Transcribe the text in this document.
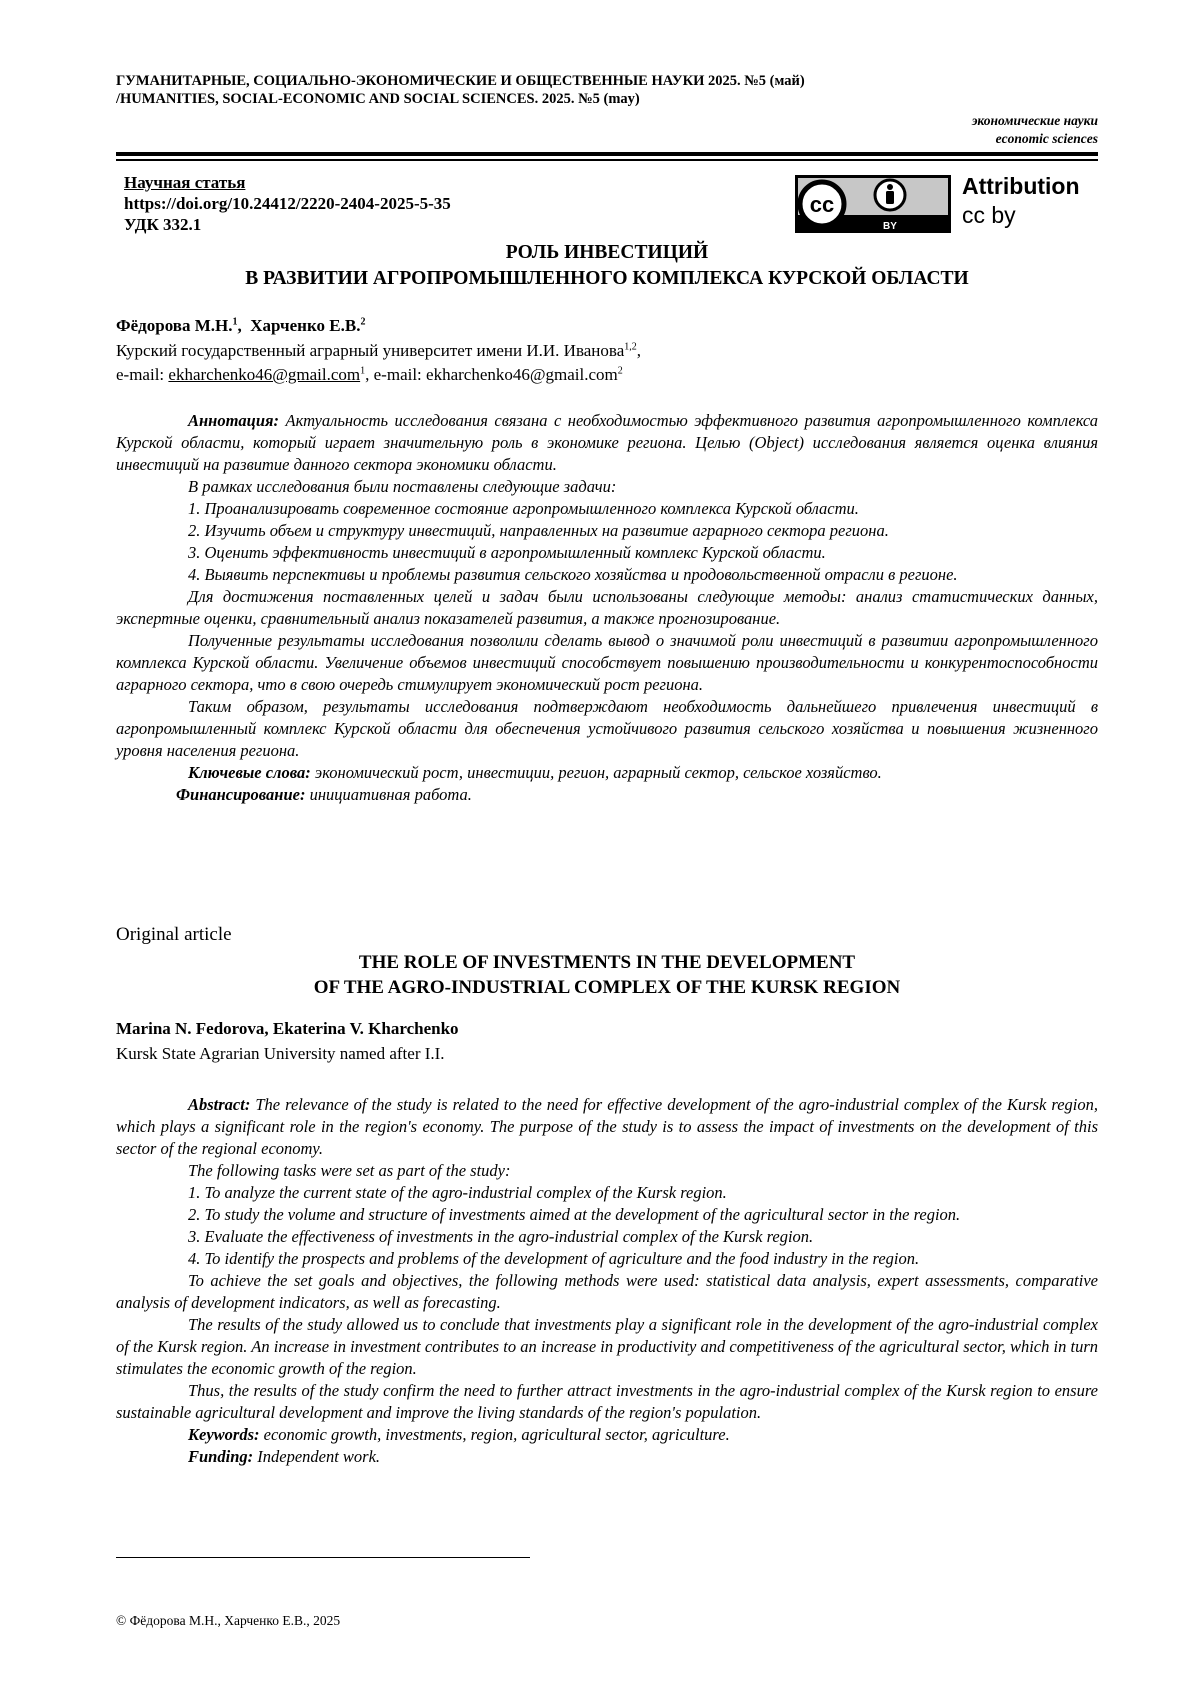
ГУМАНИТАРНЫЕ, СОЦИАЛЬНО-ЭКОНОМИЧЕСКИЕ И ОБЩЕСТВЕННЫЕ НАУКИ 2025. №5 (май)
/HUMANITIES, SOCIAL-ECONOMIC AND SOCIAL SCIENCES. 2025. №5 (may)
экономические науки
economic sciences
Научная статья
https://doi.org/10.24412/2220-2404-2025-5-35
УДК 332.1
cc
BY
Attribution
cc by
РОЛЬ ИНВЕСТИЦИЙ
В РАЗВИТИИ АГРОПРОМЫШЛЕННОГО КОМПЛЕКСА КУРСКОЙ ОБЛАСТИ
Фёдорова М.Н.$^1$,  Харченко Е.В.$^2$
Курский государственный аграрный университет имени И.И. Иванова$^{1,2}$,
e-mail: ekharchenko46@gmail.com$^1$, e-mail: ekharchenko46@gmail.com$^2$

Аннотация: Актуальность исследования связана с необходимостью эффективного развития агропромышленного комплекса Курской области, который играет значительную роль в экономике региона. Целью (Object) исследования является оценка влияния инвестиций на развитие данного сектора экономики области.

В рамках исследования были поставлены следующие задачи:

1. Проанализировать современное состояние агропромышленного комплекса Курской области.

2. Изучить объем и структуру инвестиций, направленных на развитие аграрного сектора региона.

3. Оценить эффективность инвестиций в агропромышленный комплекс Курской области.

4. Выявить перспективы и проблемы развития сельского хозяйства и продовольственной отрасли в регионе.

Для достижения поставленных целей и задач были использованы следующие методы: анализ статистических данных, экспертные оценки, сравнительный анализ показателей развития, а также прогнозирование.

Полученные результаты исследования позволили сделать вывод о значимой роли инвестиций в развитии агропромышленного комплекса Курской области. Увеличение объемов инвестиций способствует повышению производительности и конкурентоспособности аграрного сектора, что в свою очередь стимулирует экономический рост региона.

Таким образом, результаты исследования подтверждают необходимость дальнейшего привлечения инвестиций в агропромышленный комплекс Курской области для обеспечения устойчивого развития сельского хозяйства и повышения жизненного уровня населения региона.

Ключевые слова: экономический рост, инвестиции, регион, аграрный сектор, сельское хозяйство.

Финансирование: инициативная работа.

Original article
THE ROLE OF INVESTMENTS IN THE DEVELOPMENT
OF THE AGRO-INDUSTRIAL COMPLEX OF THE KURSK REGION
Marina N. Fedorova, Ekaterina V. Kharchenko
Kursk State Agrarian University named after I.I.

Abstract: The relevance of the study is related to the need for effective development of the agro-industrial complex of the Kursk region, which plays a significant role in the region's economy. The purpose of the study is to assess the impact of investments on the development of this sector of the regional economy.

The following tasks were set as part of the study:

1. To analyze the current state of the agro-industrial complex of the Kursk region.

2. To study the volume and structure of investments aimed at the development of the agricultural sector in the region.

3. Evaluate the effectiveness of investments in the agro-industrial complex of the Kursk region.

4. To identify the prospects and problems of the development of agriculture and the food industry in the region.

To achieve the set goals and objectives, the following methods were used: statistical data analysis, expert assessments, comparative analysis of development indicators, as well as forecasting.

The results of the study allowed us to conclude that investments play a significant role in the development of the agro-industrial complex of the Kursk region. An increase in investment contributes to an increase in productivity and competitiveness of the agricultural sector, which in turn stimulates the economic growth of the region.

Thus, the results of the study confirm the need to further attract investments in the agro-industrial complex of the Kursk region to ensure sustainable agricultural development and improve the living standards of the region's population.

Keywords: economic growth, investments, region, agricultural sector, agriculture.

Funding: Independent work.

© Фёдорова М.Н., Харченко Е.В., 2025
